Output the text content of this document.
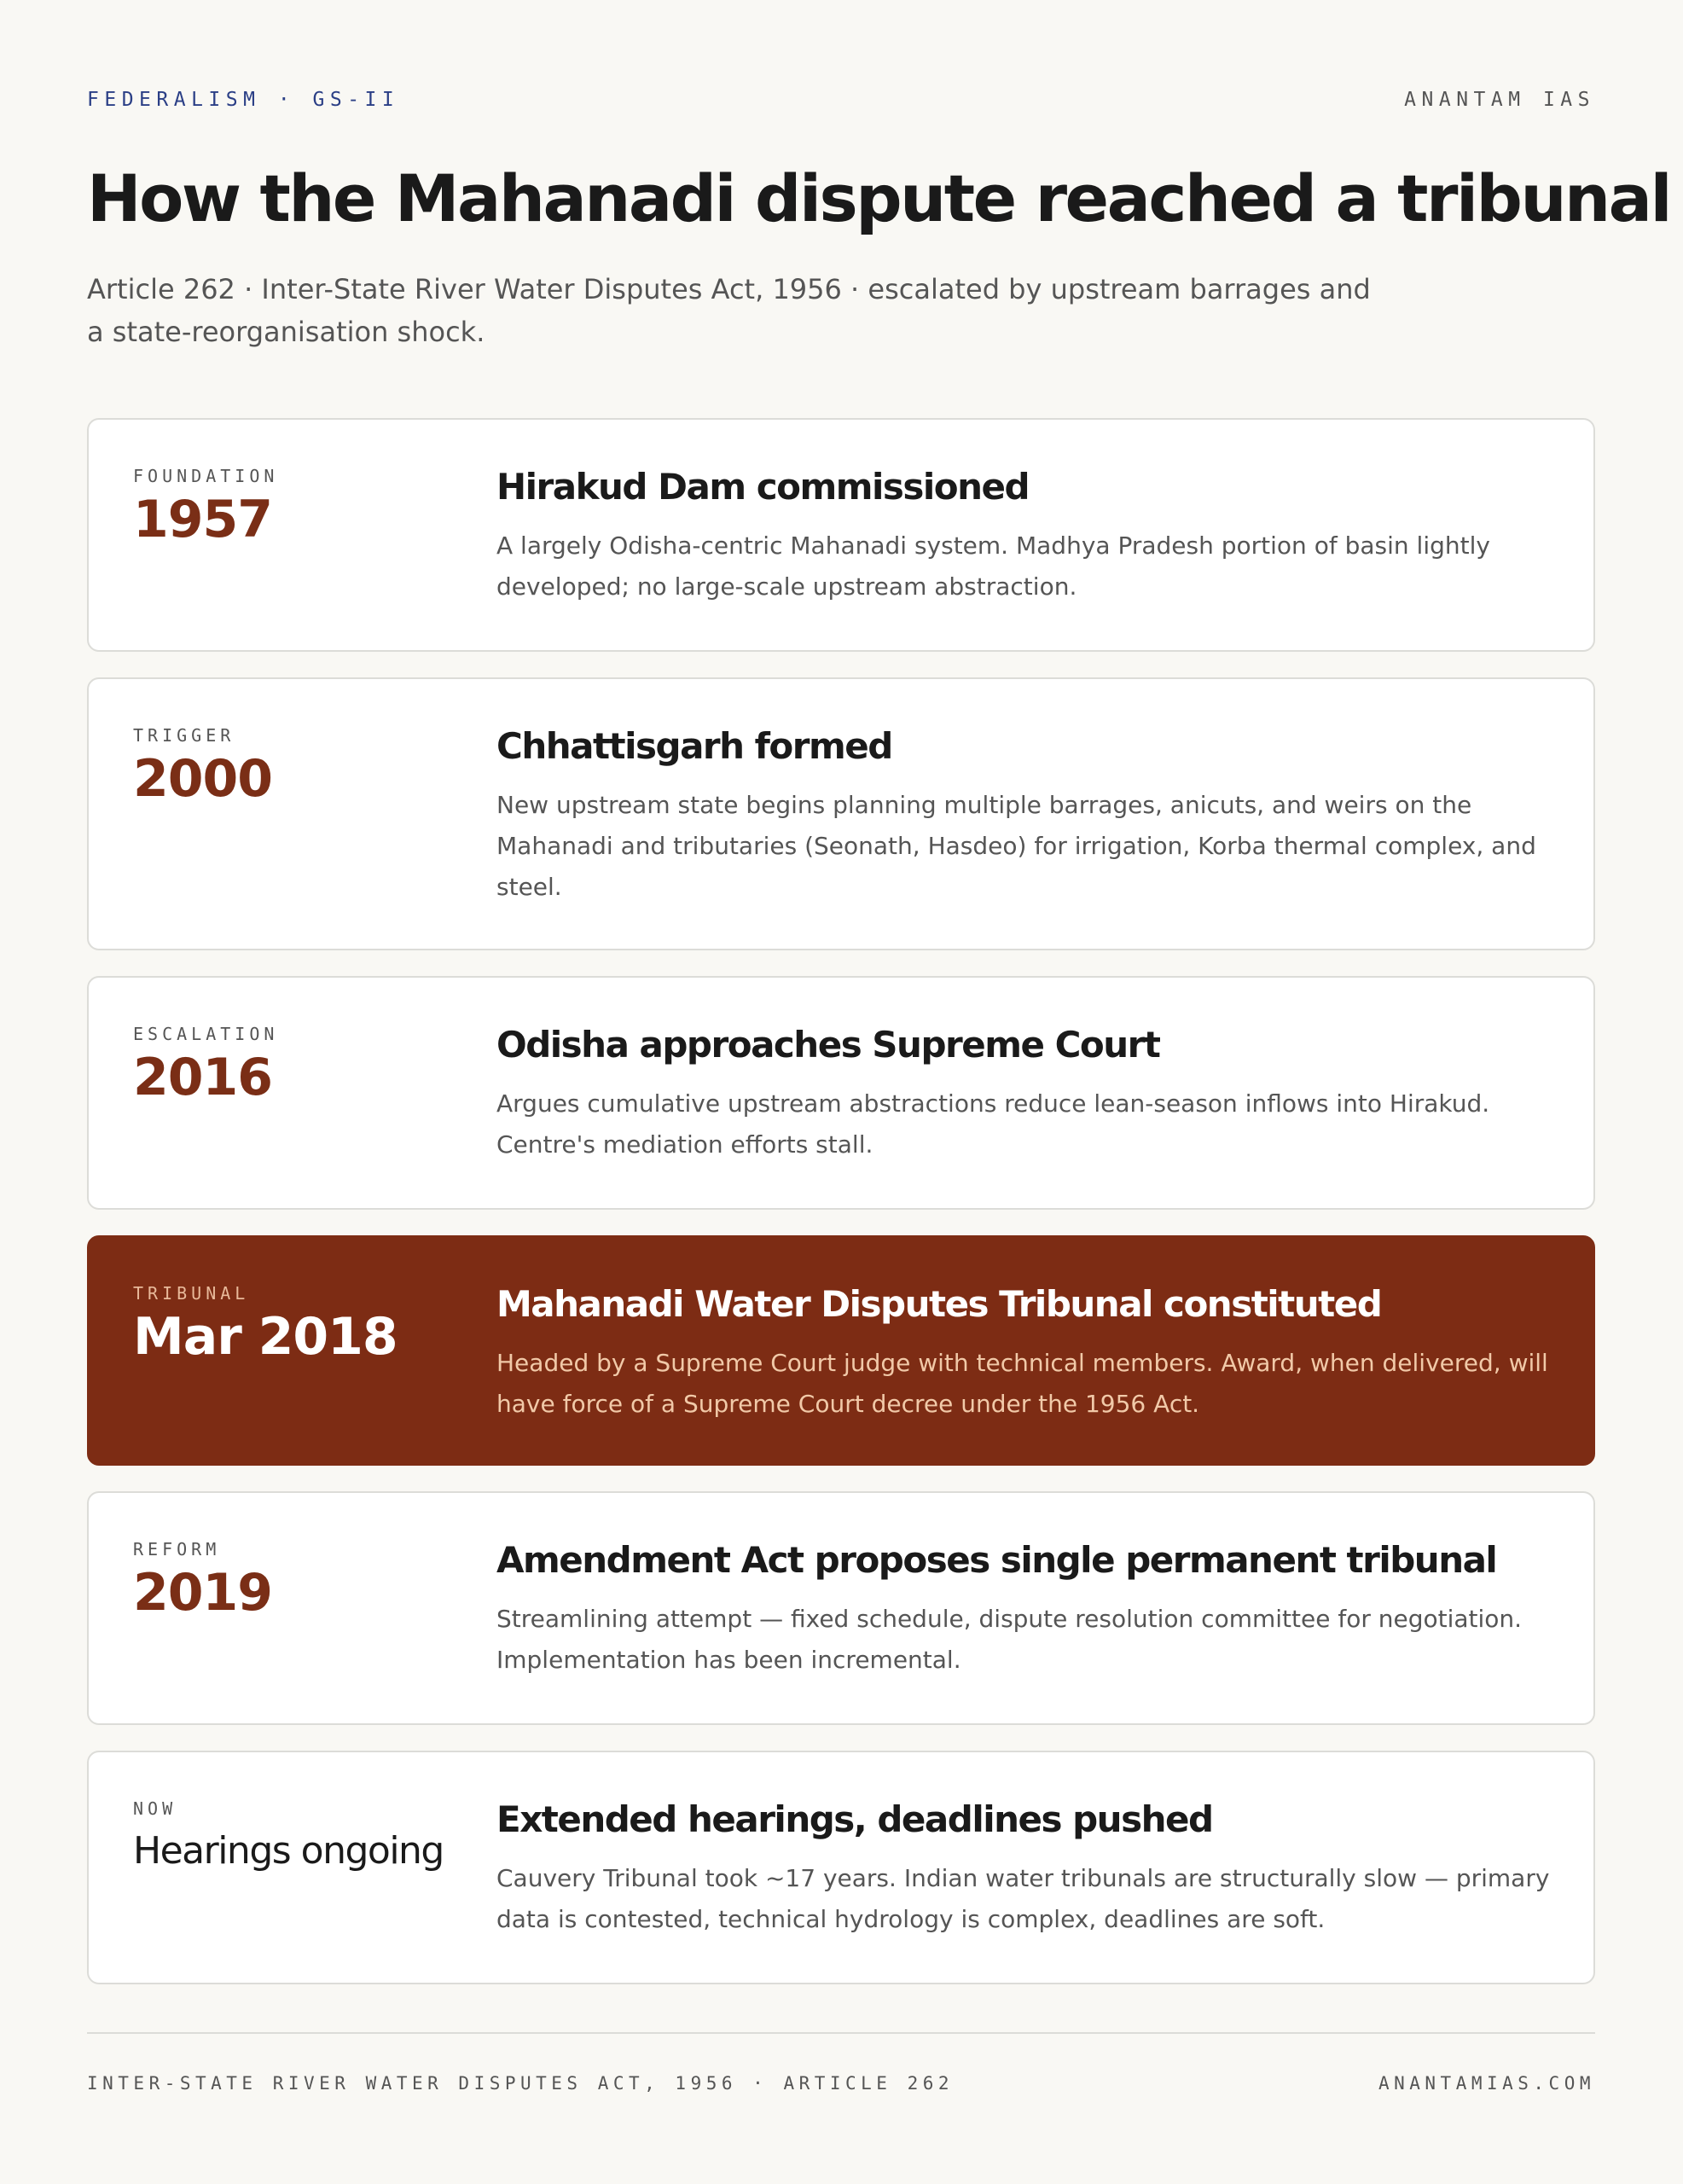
FEDERALISM · GS-II	ANANTAM IAS
How the Mahanadi dispute reached a tribunal

Article 262 · Inter-State River Water Disputes Act, 1956 · escalated by upstream barrages and a state-reorganisation shock.

FOUNDATION
1957
Hirakud Dam commissioned
A largely Odisha-centric Mahanadi system. Madhya Pradesh portion of basin lightly developed; no large-scale upstream abstraction.
TRIGGER
2000
Chhattisgarh formed
New upstream state begins planning multiple barrages, anicuts, and weirs on the Mahanadi and tributaries (Seonath, Hasdeo) for irrigation, Korba thermal complex, and steel.
ESCALATION
2016
Odisha approaches Supreme Court
Argues cumulative upstream abstractions reduce lean-season inflows into Hirakud. Centre's mediation efforts stall.
TRIBUNAL
Mar 2018
Mahanadi Water Disputes Tribunal constituted
Headed by a Supreme Court judge with technical members. Award, when delivered, will have force of a Supreme Court decree under the 1956 Act.
REFORM
2019
Amendment Act proposes single permanent tribunal
Streamlining attempt — fixed schedule, dispute resolution committee for negotiation. Implementation has been incremental.
NOW
Hearings ongoing
Extended hearings, deadlines pushed
Cauvery Tribunal took ~17 years. Indian water tribunals are structurally slow — primary data is contested, technical hydrology is complex, deadlines are soft.
INTER-STATE RIVER WATER DISPUTES ACT, 1956 · ARTICLE 262	ANANTAMIAS.COM
